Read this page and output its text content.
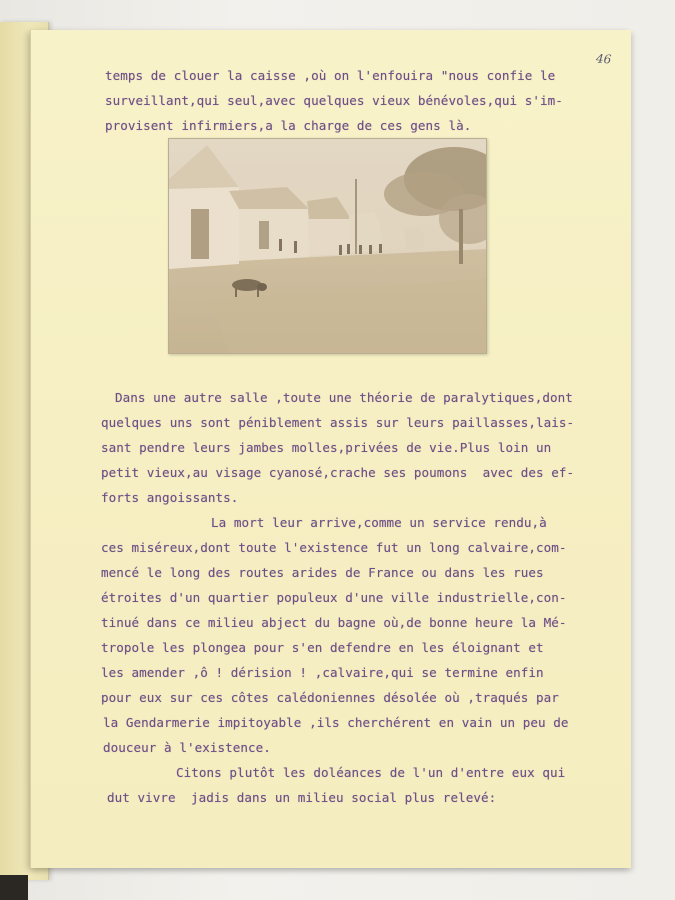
46

temps de clouer la caisse ,où on l'enfouira "nous confie le

surveillant,qui seul,avec quelques vieux bénévoles,qui s'im-

provisent infirmiers,a la charge de ces gens là.

Dans une autre salle ,toute une théorie de paralytiques,dont

quelques uns sont péniblement assis sur leurs paillasses,lais-

sant pendre leurs jambes molles,privées de vie.Plus loin un

petit vieux,au visage cyanosé,crache ses poumons  avec des ef-

forts angoissants.

La mort leur arrive,comme un service rendu,à

ces miséreux,dont toute l'existence fut un long calvaire,com-

mencé le long des routes arides de France ou dans les rues

étroites d'un quartier populeux d'une ville industrielle,con-

tinué dans ce milieu abject du bagne où,de bonne heure la Mé-

tropole les plongea pour s'en defendre en les éloignant et

les amender ,ô ! dérision ! ,calvaire,qui se termine enfin

pour eux sur ces côtes calédoniennes désolée où ,traqués par

la Gendarmerie impitoyable ,ils cherchérent en vain un peu de

douceur à l'existence.

Citons plutôt les doléances de l'un d'entre eux qui

dut vivre  jadis dans un milieu social plus relevé:
